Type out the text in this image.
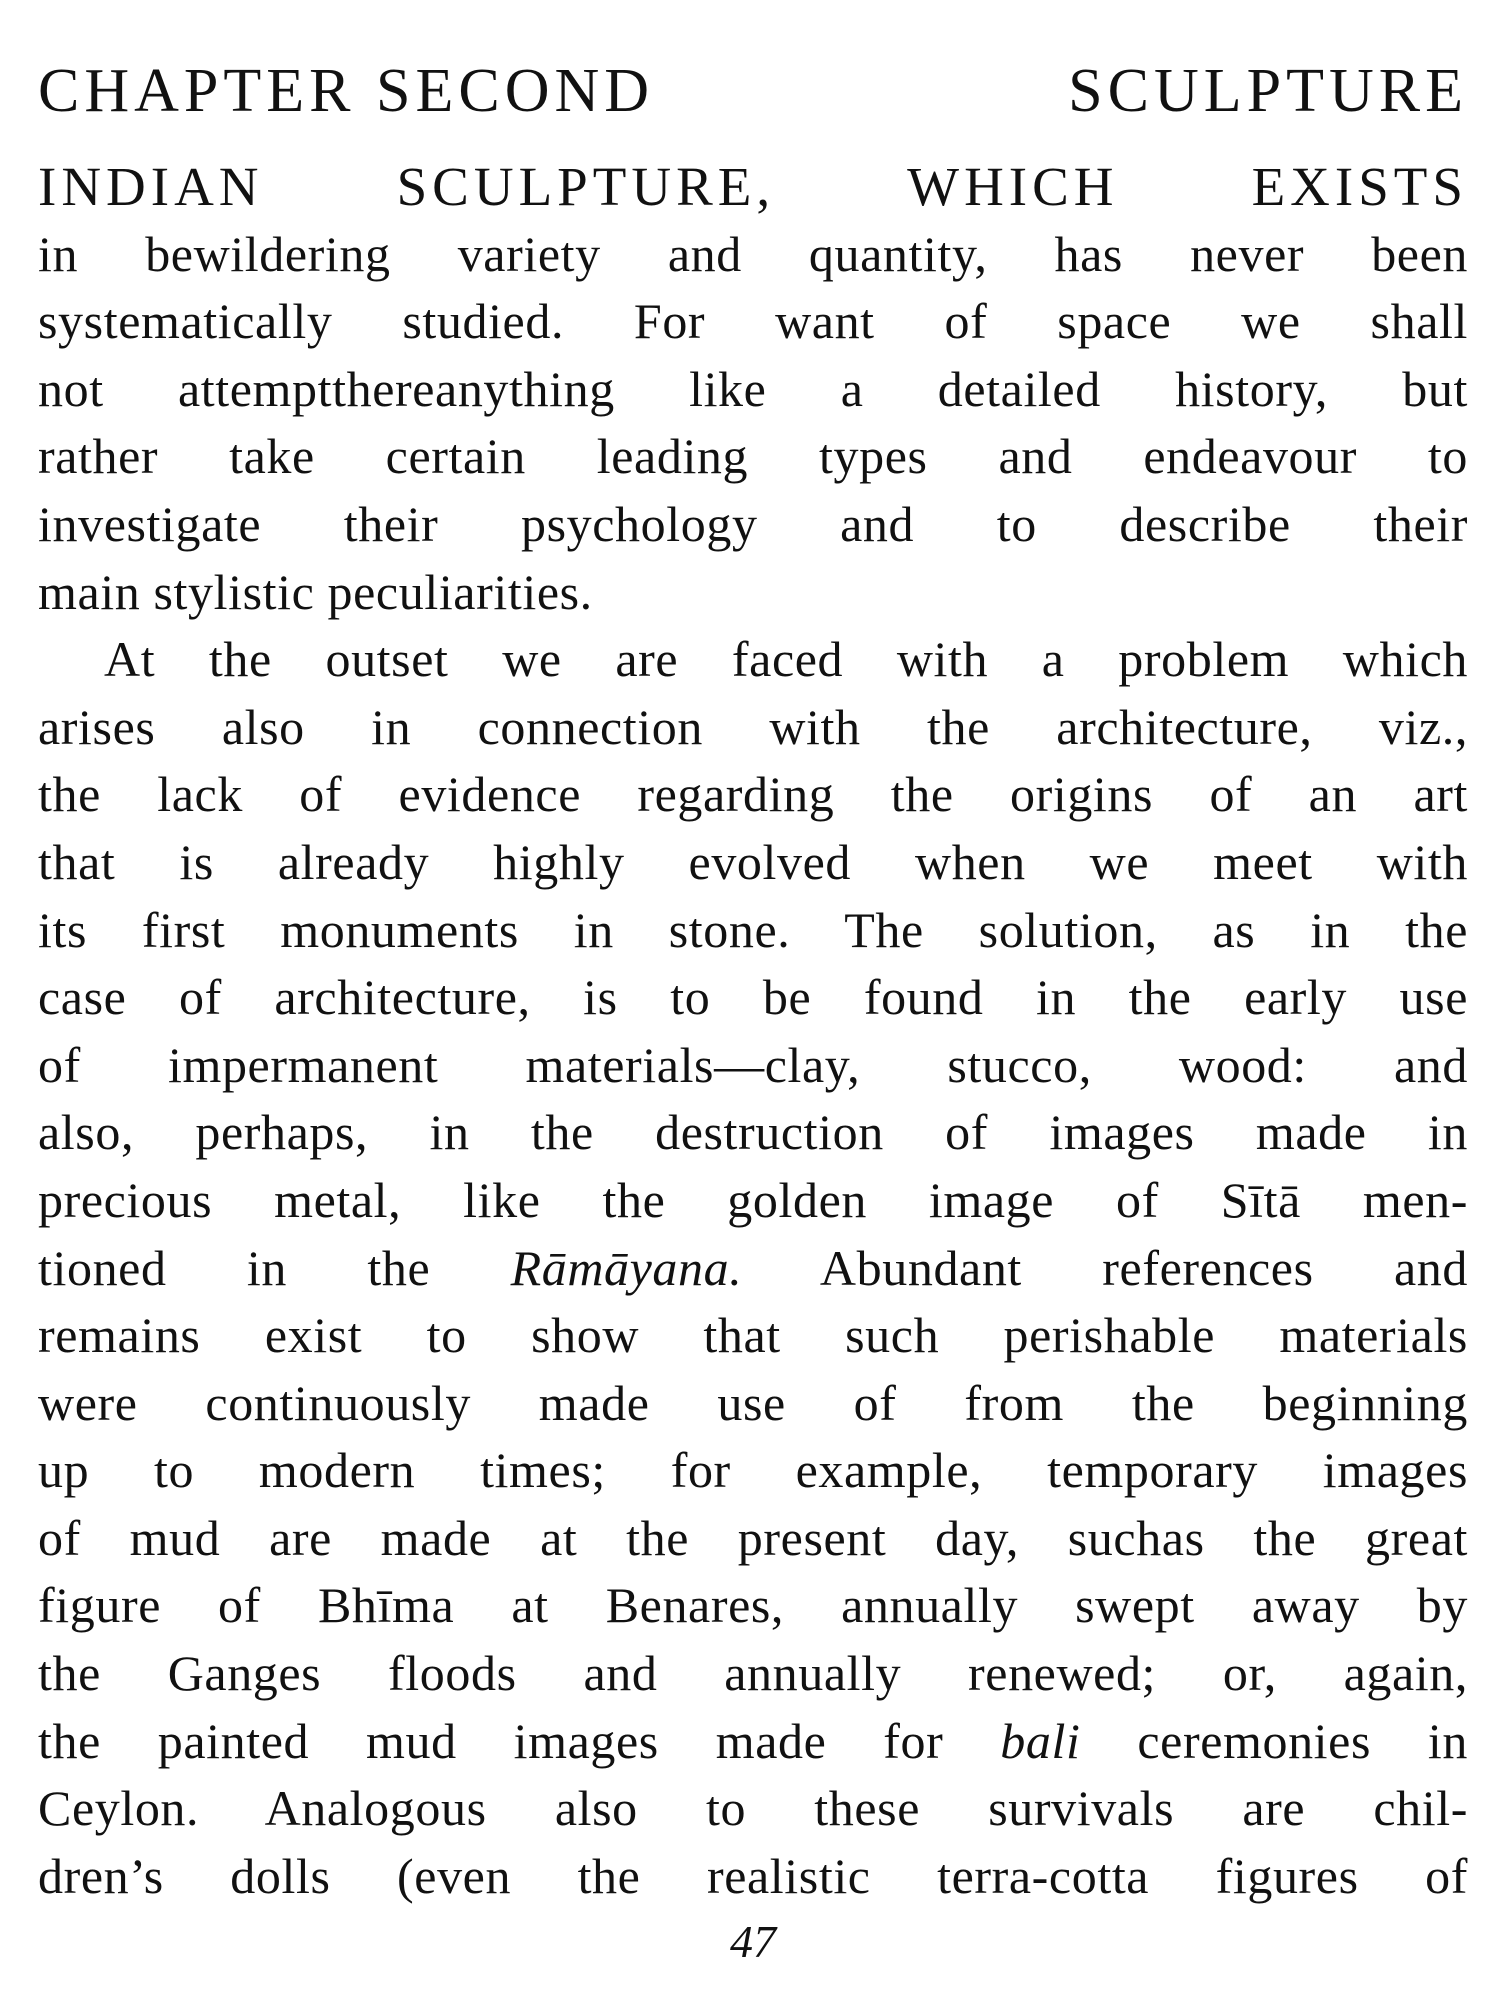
CHAPTER SECOND	SCULPTURE
INDIAN SCULPTURE, WHICH EXISTS
in bewildering variety and quantity, has never been
systematically studied. For want of space we shall
not attemptthereanything like a detailed history, but
rather take certain leading types and endeavour to
investigate their psychology and to describe their
main stylistic peculiarities.
At the outset we are faced with a problem which
arises also in connection with the architecture, viz.,
the lack of evidence regarding the origins of an art
that is already highly evolved when we meet with
its first monuments in stone. The solution, as in the
case of architecture, is to be found in the early use
of impermanent materials—clay, stucco, wood: and
also, perhaps, in the destruction of images made in
precious metal, like the golden image of Sītā men-
tioned in the Rāmāyana. Abundant references and
remains exist to show that such perishable materials
were continuously made use of from the beginning
up to modern times; for example, temporary images
of mud are made at the present day, suchas the great
figure of Bhīma at Benares, annually swept away by
the Ganges floods and annually renewed; or, again,
the painted mud images made for bali ceremonies in
Ceylon. Analogous also to these survivals are chil-
dren’s dolls (even the realistic terra-cotta figures of
47
